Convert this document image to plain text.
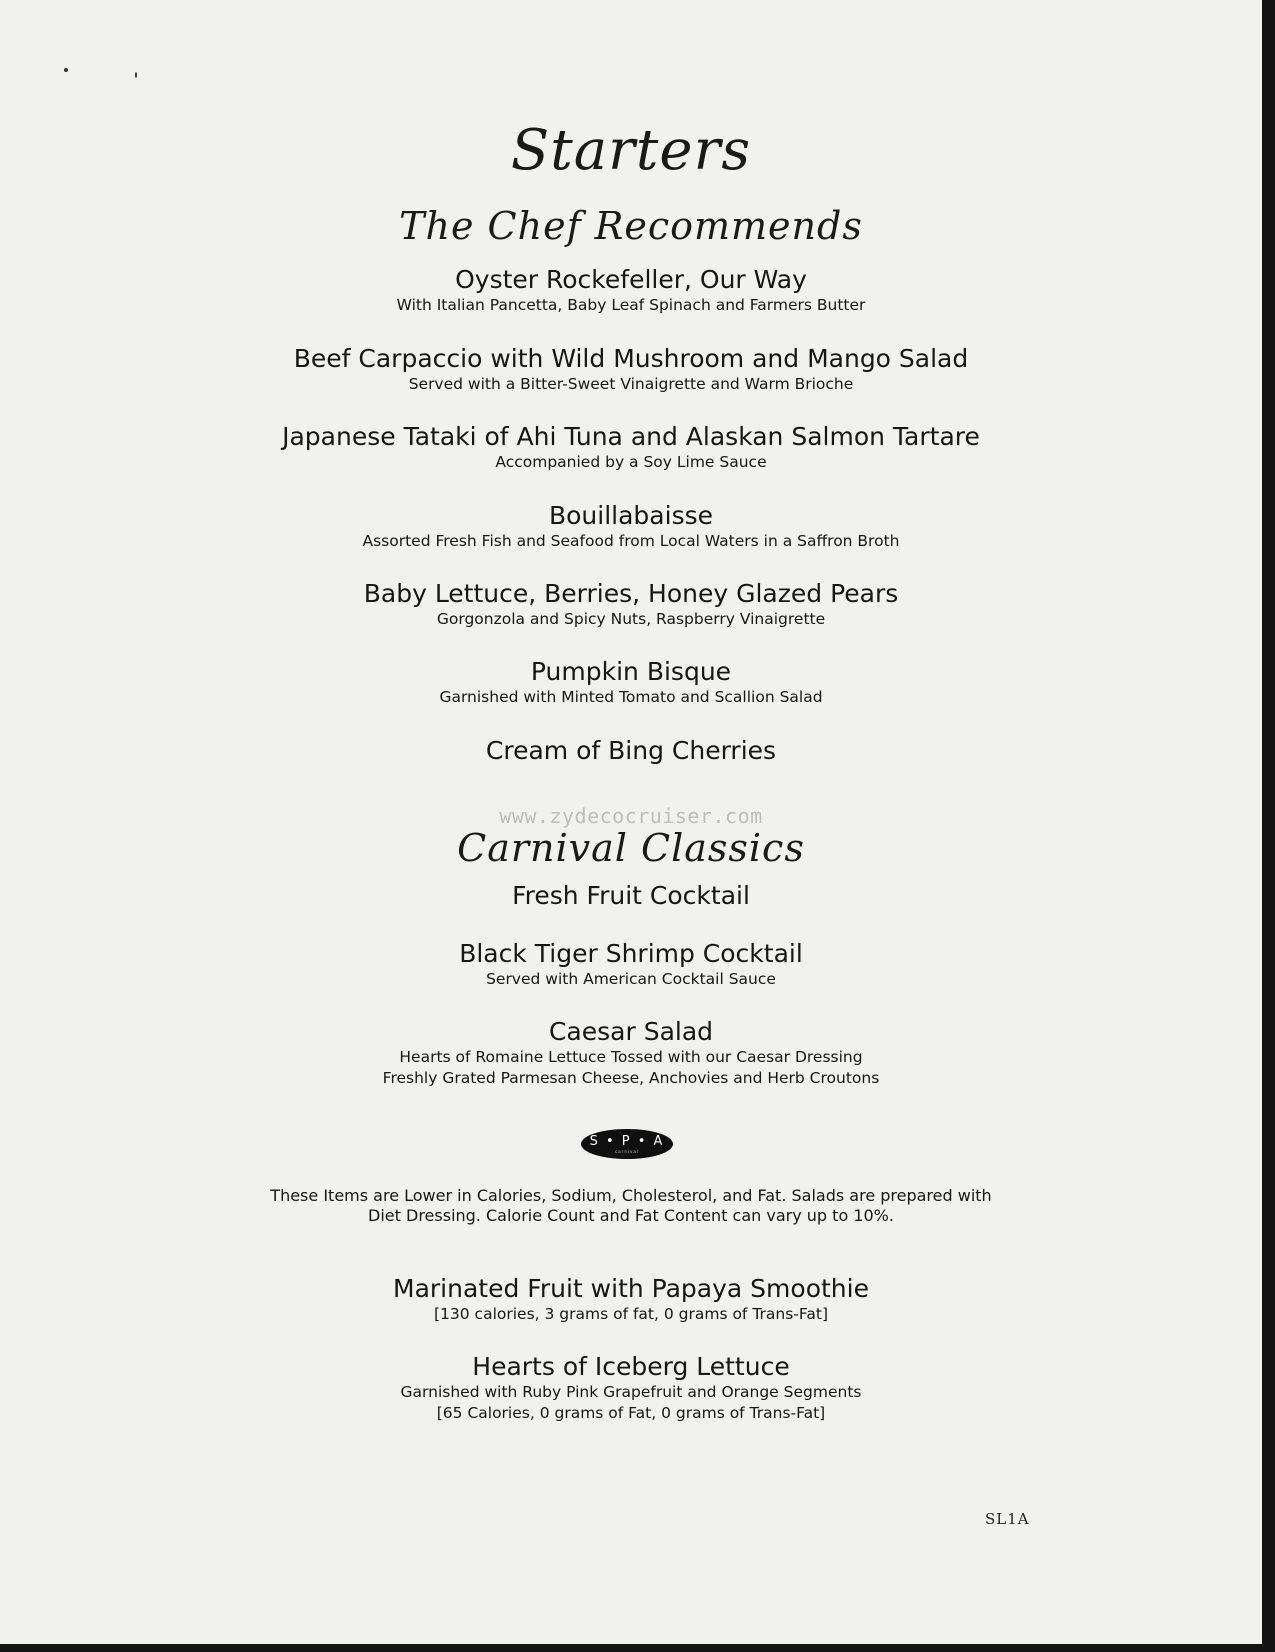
Starters
The Chef Recommends
Oyster Rockefeller, Our Way
With Italian Pancetta, Baby Leaf Spinach and Farmers Butter
Beef Carpaccio with Wild Mushroom and Mango Salad
Served with a Bitter-Sweet Vinaigrette and Warm Brioche
Japanese Tataki of Ahi Tuna and Alaskan Salmon Tartare
Accompanied by a Soy Lime Sauce
Bouillabaisse
Assorted Fresh Fish and Seafood from Local Waters in a Saffron Broth
Baby Lettuce, Berries, Honey Glazed Pears
Gorgonzola and Spicy Nuts, Raspberry Vinaigrette
Pumpkin Bisque
Garnished with Minted Tomato and Scallion Salad
Cream of Bing Cherries
www.zydecocruiser.com
Carnival Classics
Fresh Fruit Cocktail
Black Tiger Shrimp Cocktail
Served with American Cocktail Sauce
Caesar Salad
Hearts of Romaine Lettuce Tossed with our Caesar Dressing
Freshly Grated Parmesan Cheese, Anchovies and Herb Croutons
S • P • A
carnival
These Items are Lower in Calories, Sodium, Cholesterol, and Fat. Salads are prepared with
Diet Dressing. Calorie Count and Fat Content can vary up to 10%.
Marinated Fruit with Papaya Smoothie
[130 calories, 3 grams of fat, 0 grams of Trans-Fat]
Hearts of Iceberg Lettuce
Garnished with Ruby Pink Grapefruit and Orange Segments
[65 Calories, 0 grams of Fat, 0 grams of Trans-Fat]
SL1A
